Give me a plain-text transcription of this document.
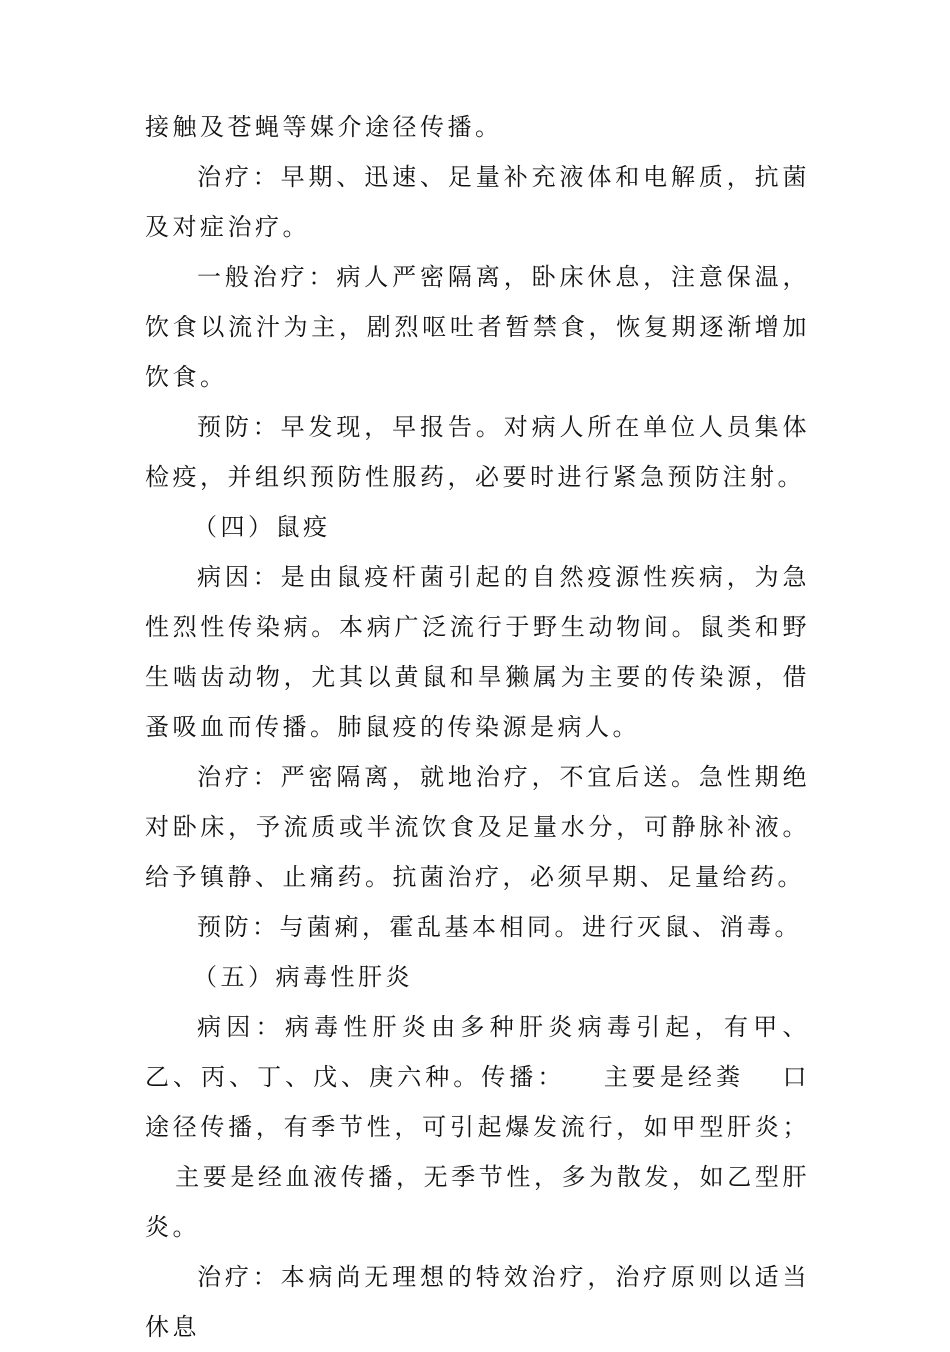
接触及苍蝇等媒介途径传播。

治疗：早期、迅速、足量补充液体和电解质，抗菌及对症治疗。

一般治疗：病人严密隔离，卧床休息，注意保温，饮食以流汁为主，剧烈呕吐者暂禁食，恢复期逐渐增加饮食。

预防：早发现，早报告。对病人所在单位人员集体检疫，并组织预防性服药，必要时进行紧急预防注射。

（四）鼠疫

病因：是由鼠疫杆菌引起的自然疫源性疾病，为急性烈性传染病。本病广泛流行于野生动物间。鼠类和野生啮齿动物，尤其以黄鼠和旱獭属为主要的传染源，借蚤吸血而传播。肺鼠疫的传染源是病人。

治疗：严密隔离，就地治疗，不宜后送。急性期绝对卧床，予流质或半流饮食及足量水分，可静脉补液。给予镇静、止痛药。抗菌治疗，必须早期、足量给药。

预防：与菌痢，霍乱基本相同。进行灭鼠、消毒。

（五）病毒性肝炎

病因：病毒性肝炎由多种肝炎病毒引起，有甲、乙、丙、丁、戊、庚六种。传播： 主要是经粪 口途径传播，有季节性，可引起爆发流行，如甲型肝炎；主要是经血液传播，无季节性，多为散发，如乙型肝炎。

治疗：本病尚无理想的特效治疗，治疗原则以适当休息
